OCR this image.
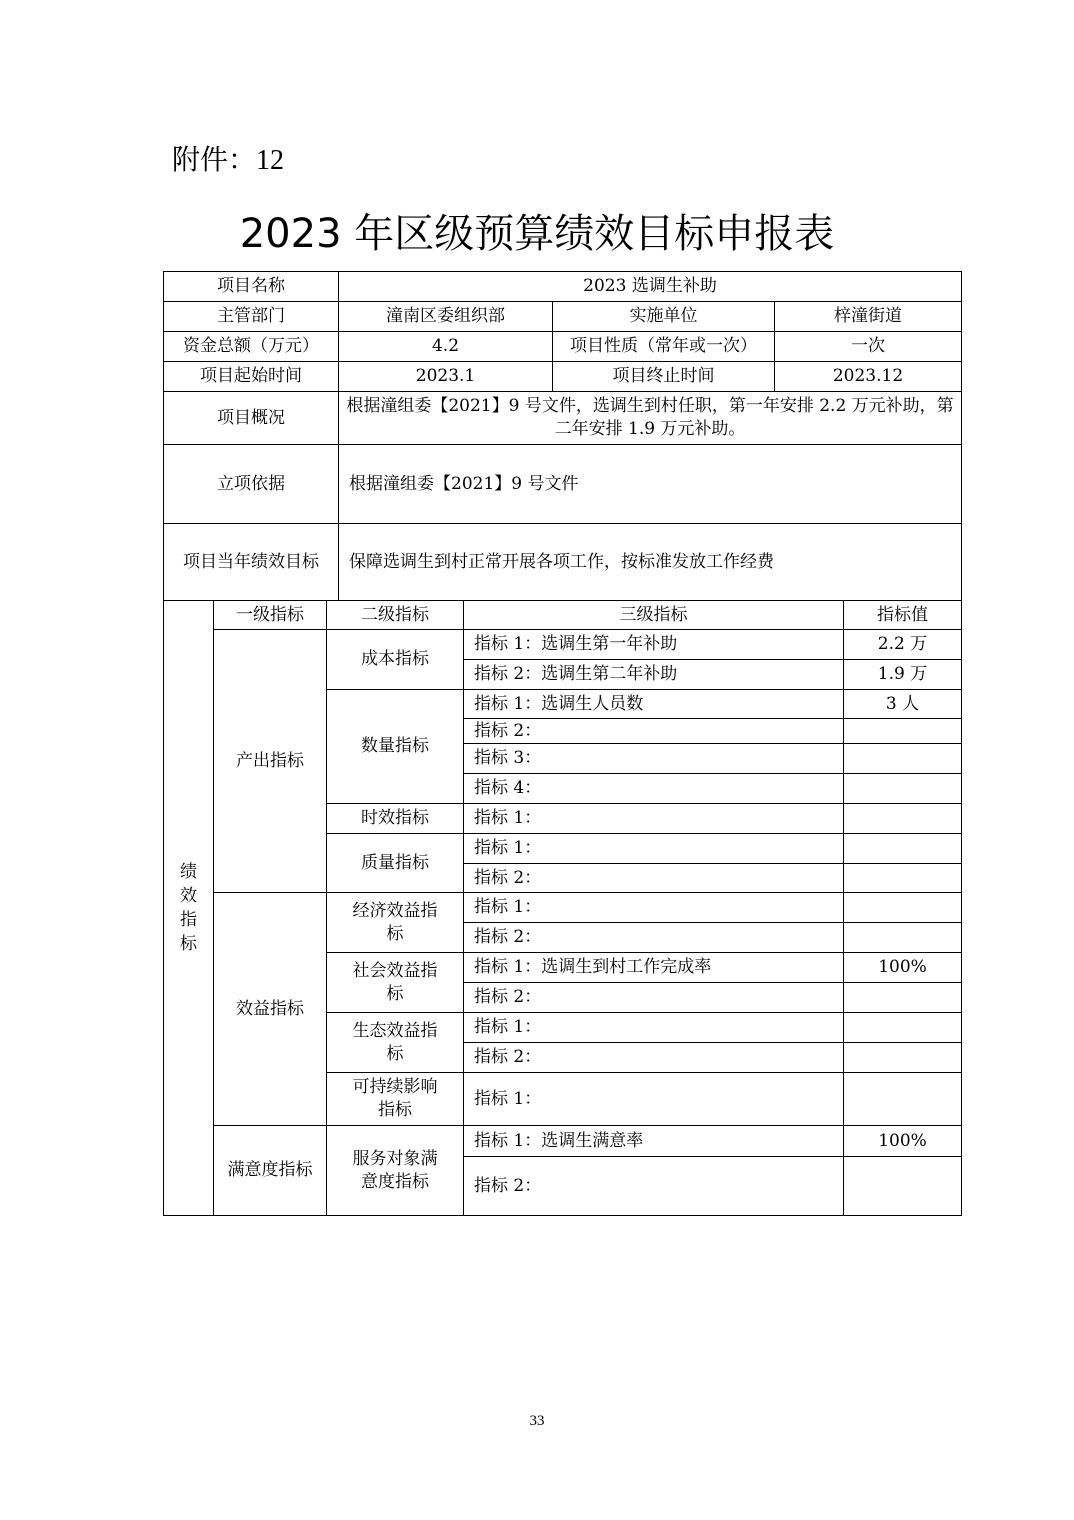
附件：12
2023 年区级预算绩效目标申报表
项目名称			2023 选调生补助				
主管部门			潼南区委组织部		实施单位	梓潼街道	
资金总额（万元）			4.2		项目性质（常年或一次）	一次	
项目起始时间			2023.1		项目终止时间	2023.12	
项目概况			根据潼组委【2021】9 号文件，选调生到村任职，第一年安排 2.2 万元补助，第二年安排 1.9 万元补助。				
立项依据			根据潼组委【2021】9 号文件				
项目当年绩效目标			保障选调生到村正常开展各项工作，按标准发放工作经费				
绩效指标	一级指标	二级指标		三级指标			指标值
	产出指标	成本指标		指标 1：选调生第一年补助			2.2 万
				指标 2：选调生第二年补助			1.9 万
		数量指标		指标 1：选调生人员数			3 人
				指标 2：			
				指标 3：			
				指标 4：			
		时效指标		指标 1：			
		质量指标		指标 1：			
				指标 2：			
	效益指标	经济效益指标		指标 1：			
				指标 2：			
		社会效益指标		指标 1：选调生到村工作完成率			100%
				指标 2：			
		生态效益指标		指标 1：			
				指标 2：			
		可持续影响指标		指标 1：			
	满意度指标	服务对象满意度指标		指标 1：选调生满意率			100%
				指标 2：			
33
